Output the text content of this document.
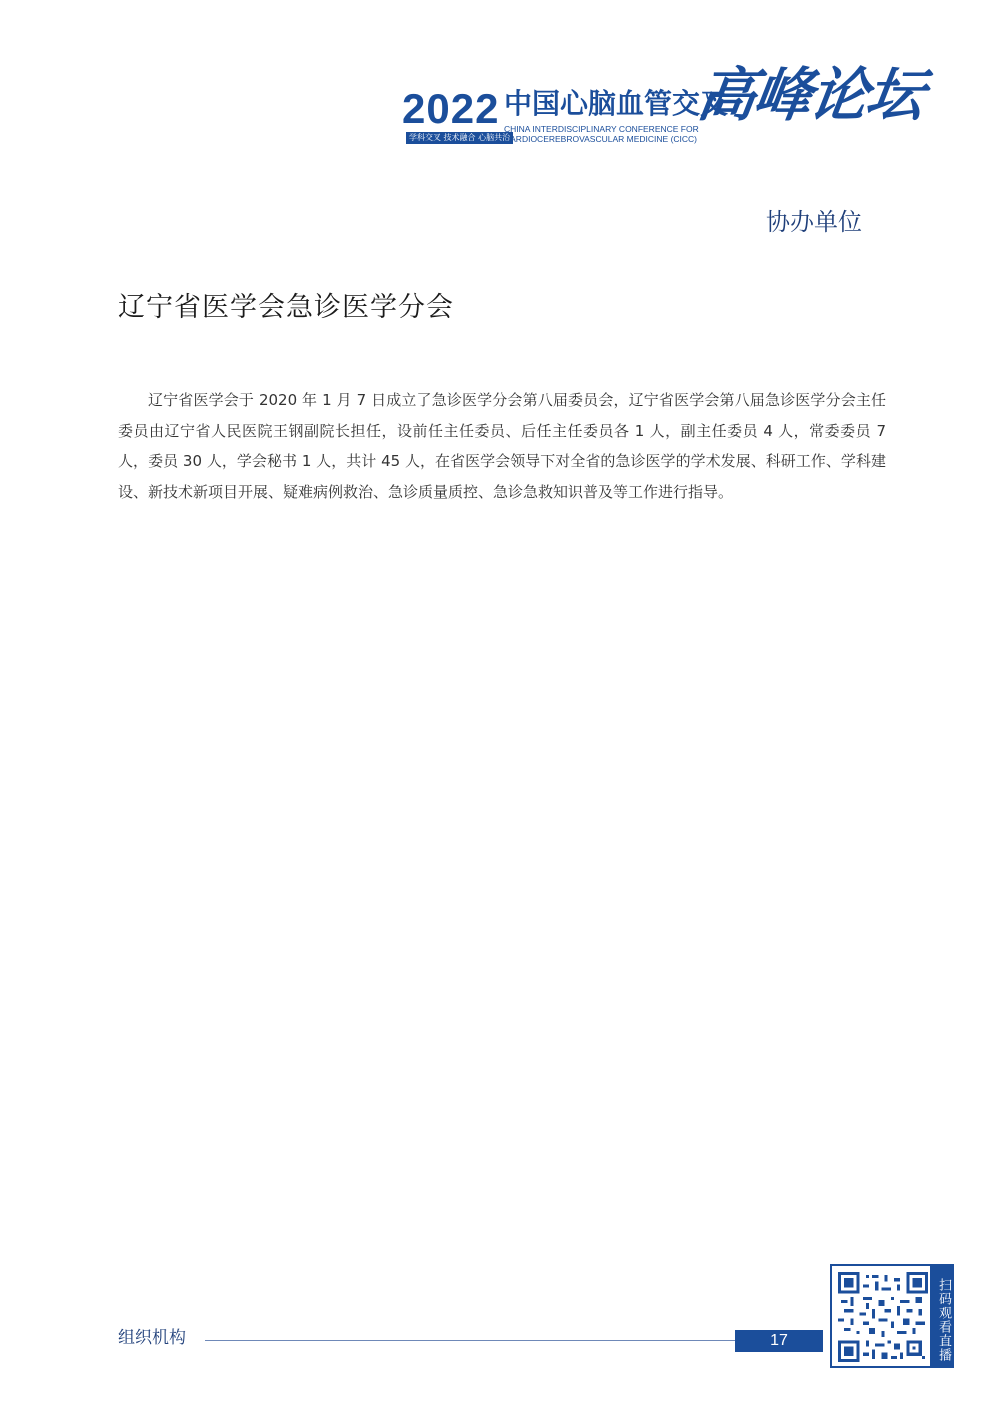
2022
学科交叉 技术融合 心脑共治
中国心脑血管交叉
CHINA INTERDISCIPLINARY CONFERENCE FOR CARDIOCEREBROVASCULAR MEDICINE (CICC)
高峰论坛
协办单位
辽宁省医学会急诊医学分会

辽宁省医学会于 2020 年 1 月 7 日成立了急诊医学分会第八届委员会，辽宁省医学会第八届急诊医学分会主任委员由辽宁省人民医院王钢副院长担任，设前任主任委员、后任主任委员各 1 人，副主任委员 4 人，常委委员 7 人，委员 30 人，学会秘书 1 人，共计 45 人，在省医学会领导下对全省的急诊医学的学术发展、科研工作、学科建设、新技术新项目开展、疑难病例救治、急诊质量质控、急诊急救知识普及等工作进行指导。

组织机构	17	扫码观看直播
